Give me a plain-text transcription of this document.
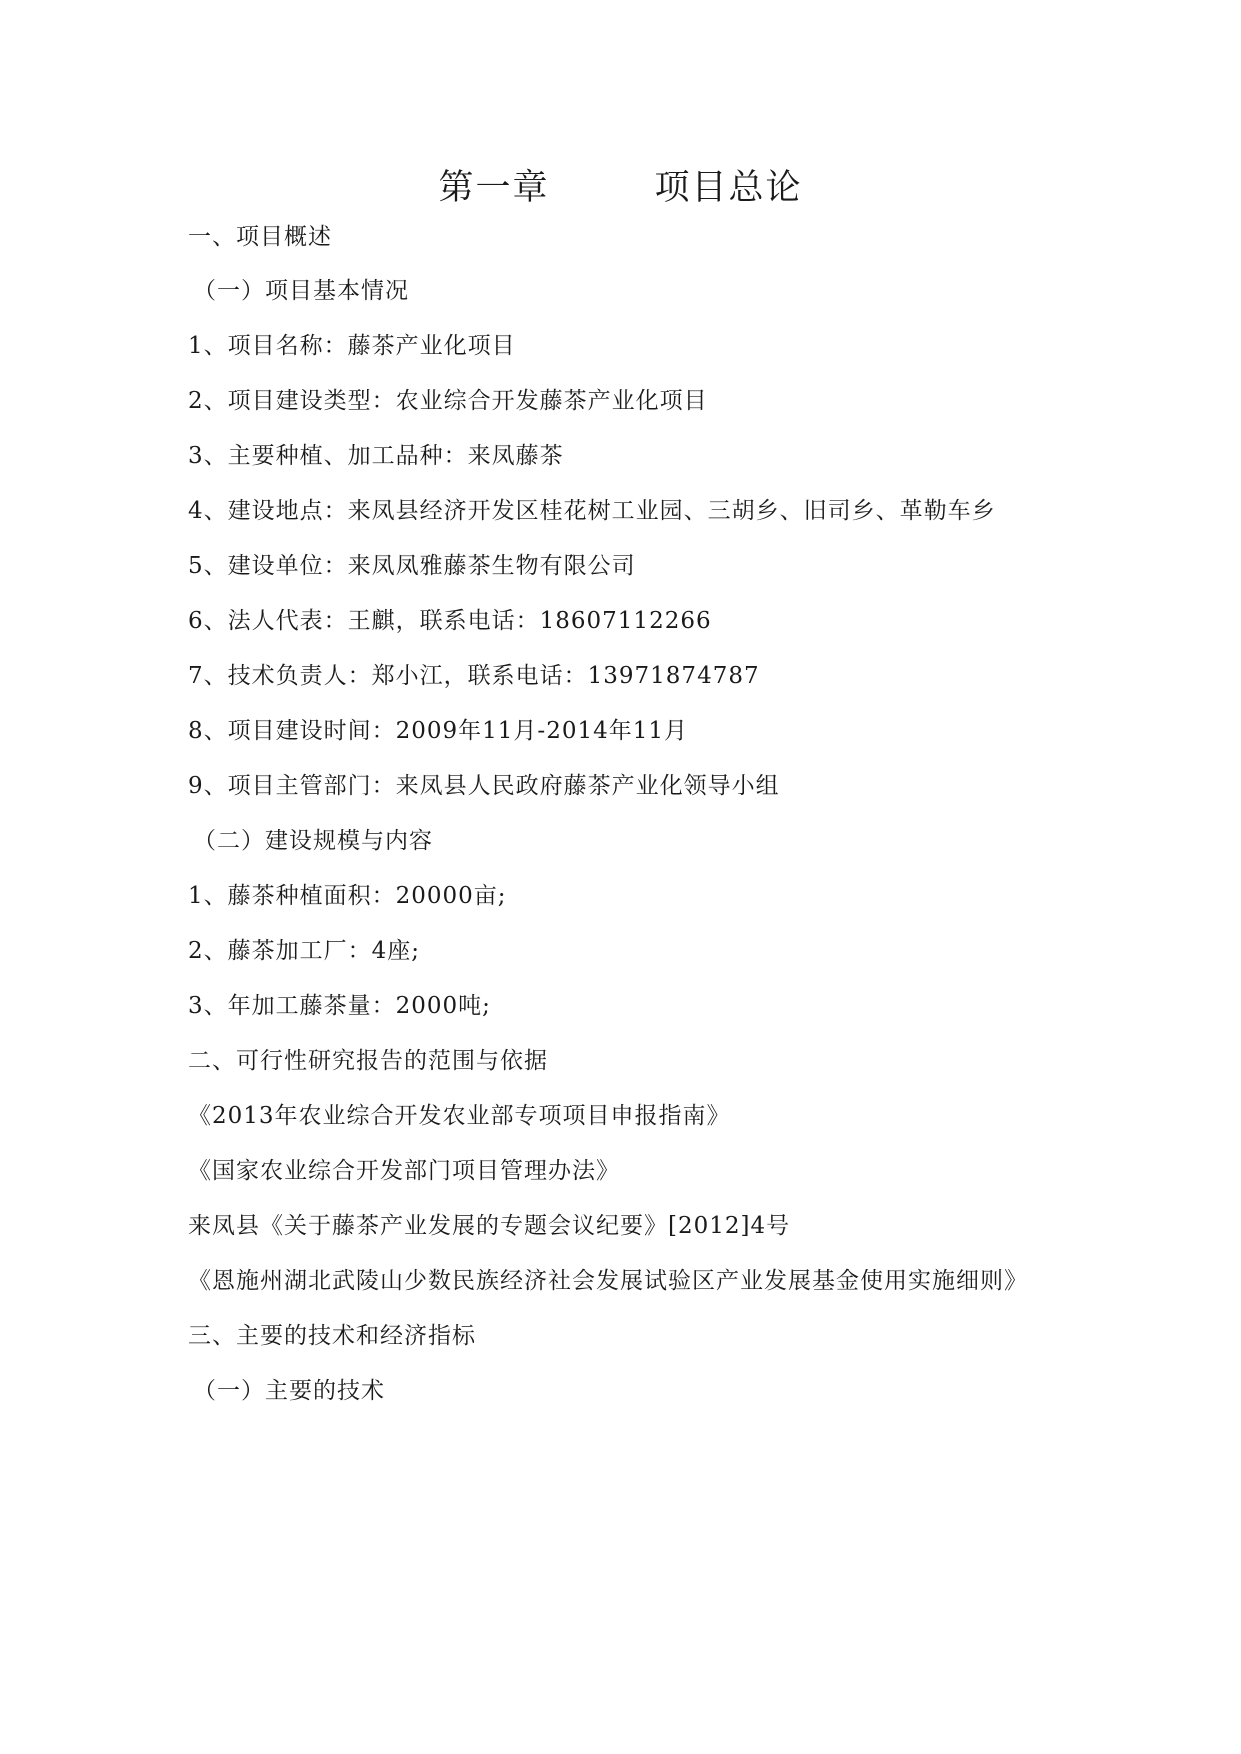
第一章        项目总论
一、项目概述
（一）项目基本情况
1、项目名称：藤茶产业化项目
2、项目建设类型：农业综合开发藤茶产业化项目
3、主要种植、加工品种：来凤藤茶
4、建设地点：来凤县经济开发区桂花树工业园、三胡乡、旧司乡、革勒车乡
5、建设单位：来凤凤雅藤茶生物有限公司
6、法人代表：王麒，联系电话：18607112266
7、技术负责人：郑小江，联系电话：13971874787
8、项目建设时间：2009年11月-2014年11月
9、项目主管部门：来凤县人民政府藤茶产业化领导小组
（二）建设规模与内容
1、藤茶种植面积：20000亩;
2、藤茶加工厂：4座;
3、年加工藤茶量：2000吨;
二、可行性研究报告的范围与依据
《2013年农业综合开发农业部专项项目申报指南》
《国家农业综合开发部门项目管理办法》
来凤县《关于藤茶产业发展的专题会议纪要》[2012]4号
《恩施州湖北武陵山少数民族经济社会发展试验区产业发展基金使用实施细则》
三、主要的技术和经济指标
（一）主要的技术
